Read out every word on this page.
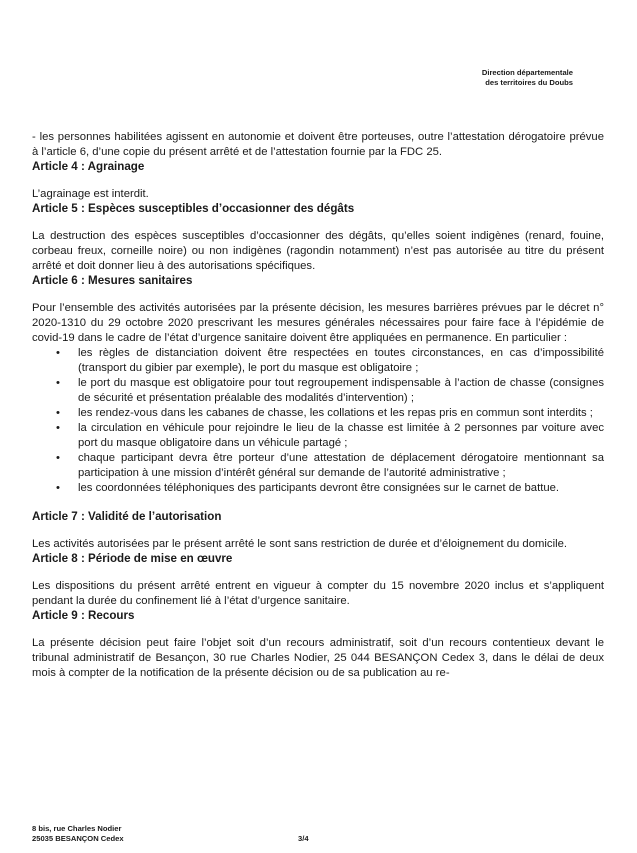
Direction départementale
des territoires du Doubs

- les personnes habilitées agissent en autonomie et doivent être porteuses, outre l’attestation dérogatoire prévue à l’article 6, d’une copie du présent arrêté et de l’attestation fournie par la FDC 25.

Article 4 : Agrainage

L’agrainage est interdit.

Article 5 : Espèces susceptibles d’occasionner des dégâts

La destruction des espèces susceptibles d’occasionner des dégâts, qu’elles soient indigènes (renard, fouine, corbeau freux, corneille noire) ou non indigènes (ragondin notamment) n’est pas autorisée au titre du présent arrêté et doit donner lieu à des autorisations spécifiques.

Article 6 : Mesures sanitaires

Pour l’ensemble des activités autorisées par la présente décision, les mesures barrières prévues par le décret n° 2020-1310 du 29 octobre 2020 prescrivant les mesures générales nécessaires pour faire face à l’épidémie de covid-19 dans le cadre de l’état d’urgence sanitaire doivent être appliquées en permanence. En particulier :

• les règles de distanciation doivent être respectées en toutes circonstances, en cas d’impossibilité (transport du gibier par exemple), le port du masque est obligatoire ;
• le port du masque est obligatoire pour tout regroupement indispensable à l’action de chasse (consignes de sécurité et présentation préalable des modalités d’intervention) ;
• les rendez-vous dans les cabanes de chasse, les collations et les repas pris en commun sont interdits ;
• la circulation en véhicule pour rejoindre le lieu de la chasse est limitée à 2 personnes par voiture avec port du masque obligatoire dans un véhicule partagé ;
• chaque participant devra être porteur d’une attestation de déplacement dérogatoire mentionnant sa participation à une mission d’intérêt général sur demande de l’autorité administrative ;
• les coordonnées téléphoniques des participants devront être consignées sur le carnet de battue.
Article 7 : Validité de l’autorisation

Les activités autorisées par le présent arrêté le sont sans restriction de durée et d’éloignement du domicile.

Article 8 : Période de mise en œuvre

Les dispositions du présent arrêté entrent en vigueur à compter du 15 novembre 2020 inclus et s’appliquent pendant la durée du confinement lié à l’état d’urgence sanitaire.

Article 9 : Recours

La présente décision peut faire l’objet soit d’un recours administratif, soit d’un recours contentieux devant le tribunal administratif de Besançon, 30 rue Charles Nodier, 25 044 BESANÇON Cedex 3, dans le délai de deux mois à compter de la notification de la présente décision ou de sa publication au re-

8 bis, rue Charles Nodier
25035 BESANÇON Cedex	3/4
